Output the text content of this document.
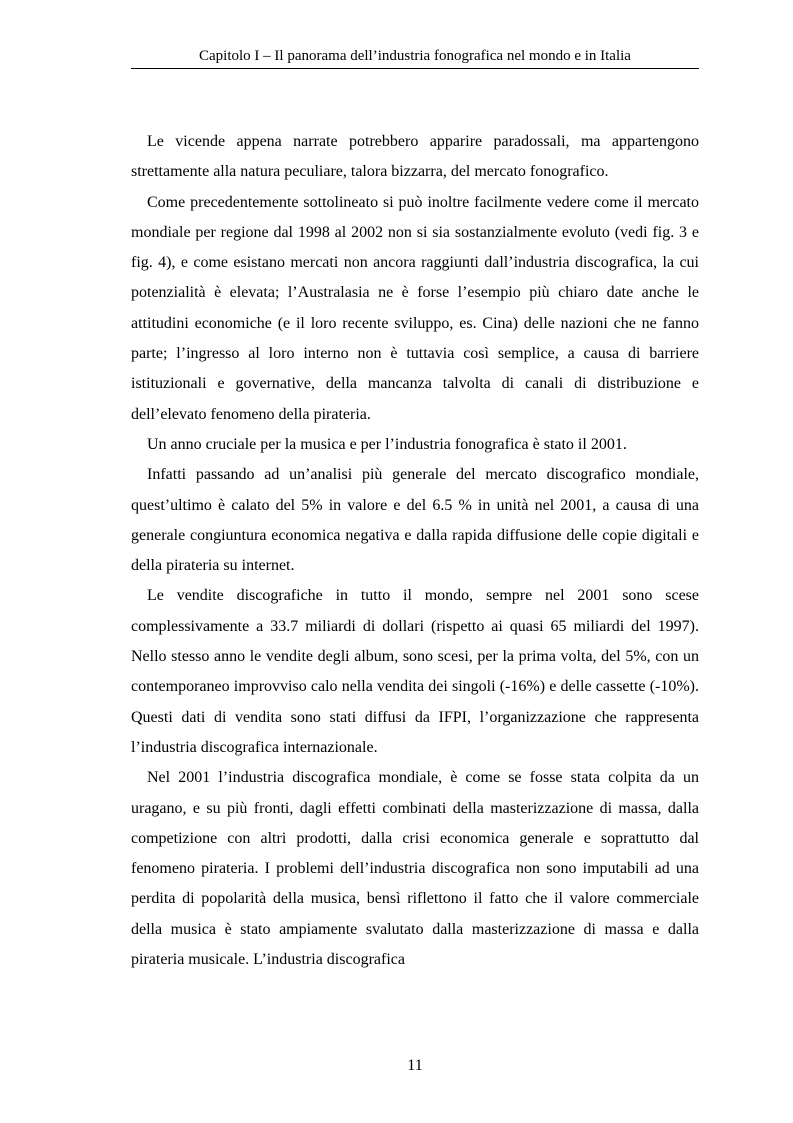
Capitolo I – Il panorama dell’industria fonografica nel mondo e in Italia

Le vicende appena narrate potrebbero apparire paradossali, ma appartengono strettamente alla natura peculiare, talora bizzarra, del mercato fonografico.

Come precedentemente sottolineato si può inoltre facilmente vedere come il mercato mondiale per regione dal 1998 al 2002 non si sia sostanzialmente evoluto (vedi fig. 3 e fig. 4), e come esistano mercati non ancora raggiunti dall’industria discografica, la cui potenzialità è elevata; l’Australasia ne è forse l’esempio più chiaro date anche le attitudini economiche (e il loro recente sviluppo, es. Cina) delle nazioni che ne fanno parte; l’ingresso al loro interno non è tuttavia così semplice, a causa di barriere istituzionali e governative, della mancanza talvolta di canali di distribuzione e dell’elevato fenomeno della pirateria.

Un anno cruciale per la musica e per l’industria fonografica è stato il 2001.

Infatti passando ad un’analisi più generale del mercato discografico mondiale, quest’ultimo è calato del 5% in valore e del 6.5 % in unità nel 2001, a causa di una generale congiuntura economica negativa e dalla rapida diffusione delle copie digitali e della pirateria su internet.

Le vendite discografiche in tutto il mondo, sempre nel 2001 sono scese complessivamente a 33.7 miliardi di dollari (rispetto ai quasi 65 miliardi del 1997). Nello stesso anno le vendite degli album, sono scesi, per la prima volta, del 5%, con un contemporaneo improvviso calo nella vendita dei singoli (-16%) e delle cassette (-10%). Questi dati di vendita sono stati diffusi da IFPI, l’organizzazione che rappresenta l’industria discografica internazionale.

Nel 2001 l’industria discografica mondiale, è come se fosse stata colpita da un uragano, e su più fronti, dagli effetti combinati della masterizzazione di massa, dalla competizione con altri prodotti, dalla crisi economica generale e soprattutto dal fenomeno pirateria. I problemi dell’industria discografica non sono imputabili ad una perdita di popolarità della musica, bensì riflettono il fatto che il valore commerciale della musica è stato ampiamente svalutato dalla masterizzazione di massa e dalla pirateria musicale. L’industria discografica

11
